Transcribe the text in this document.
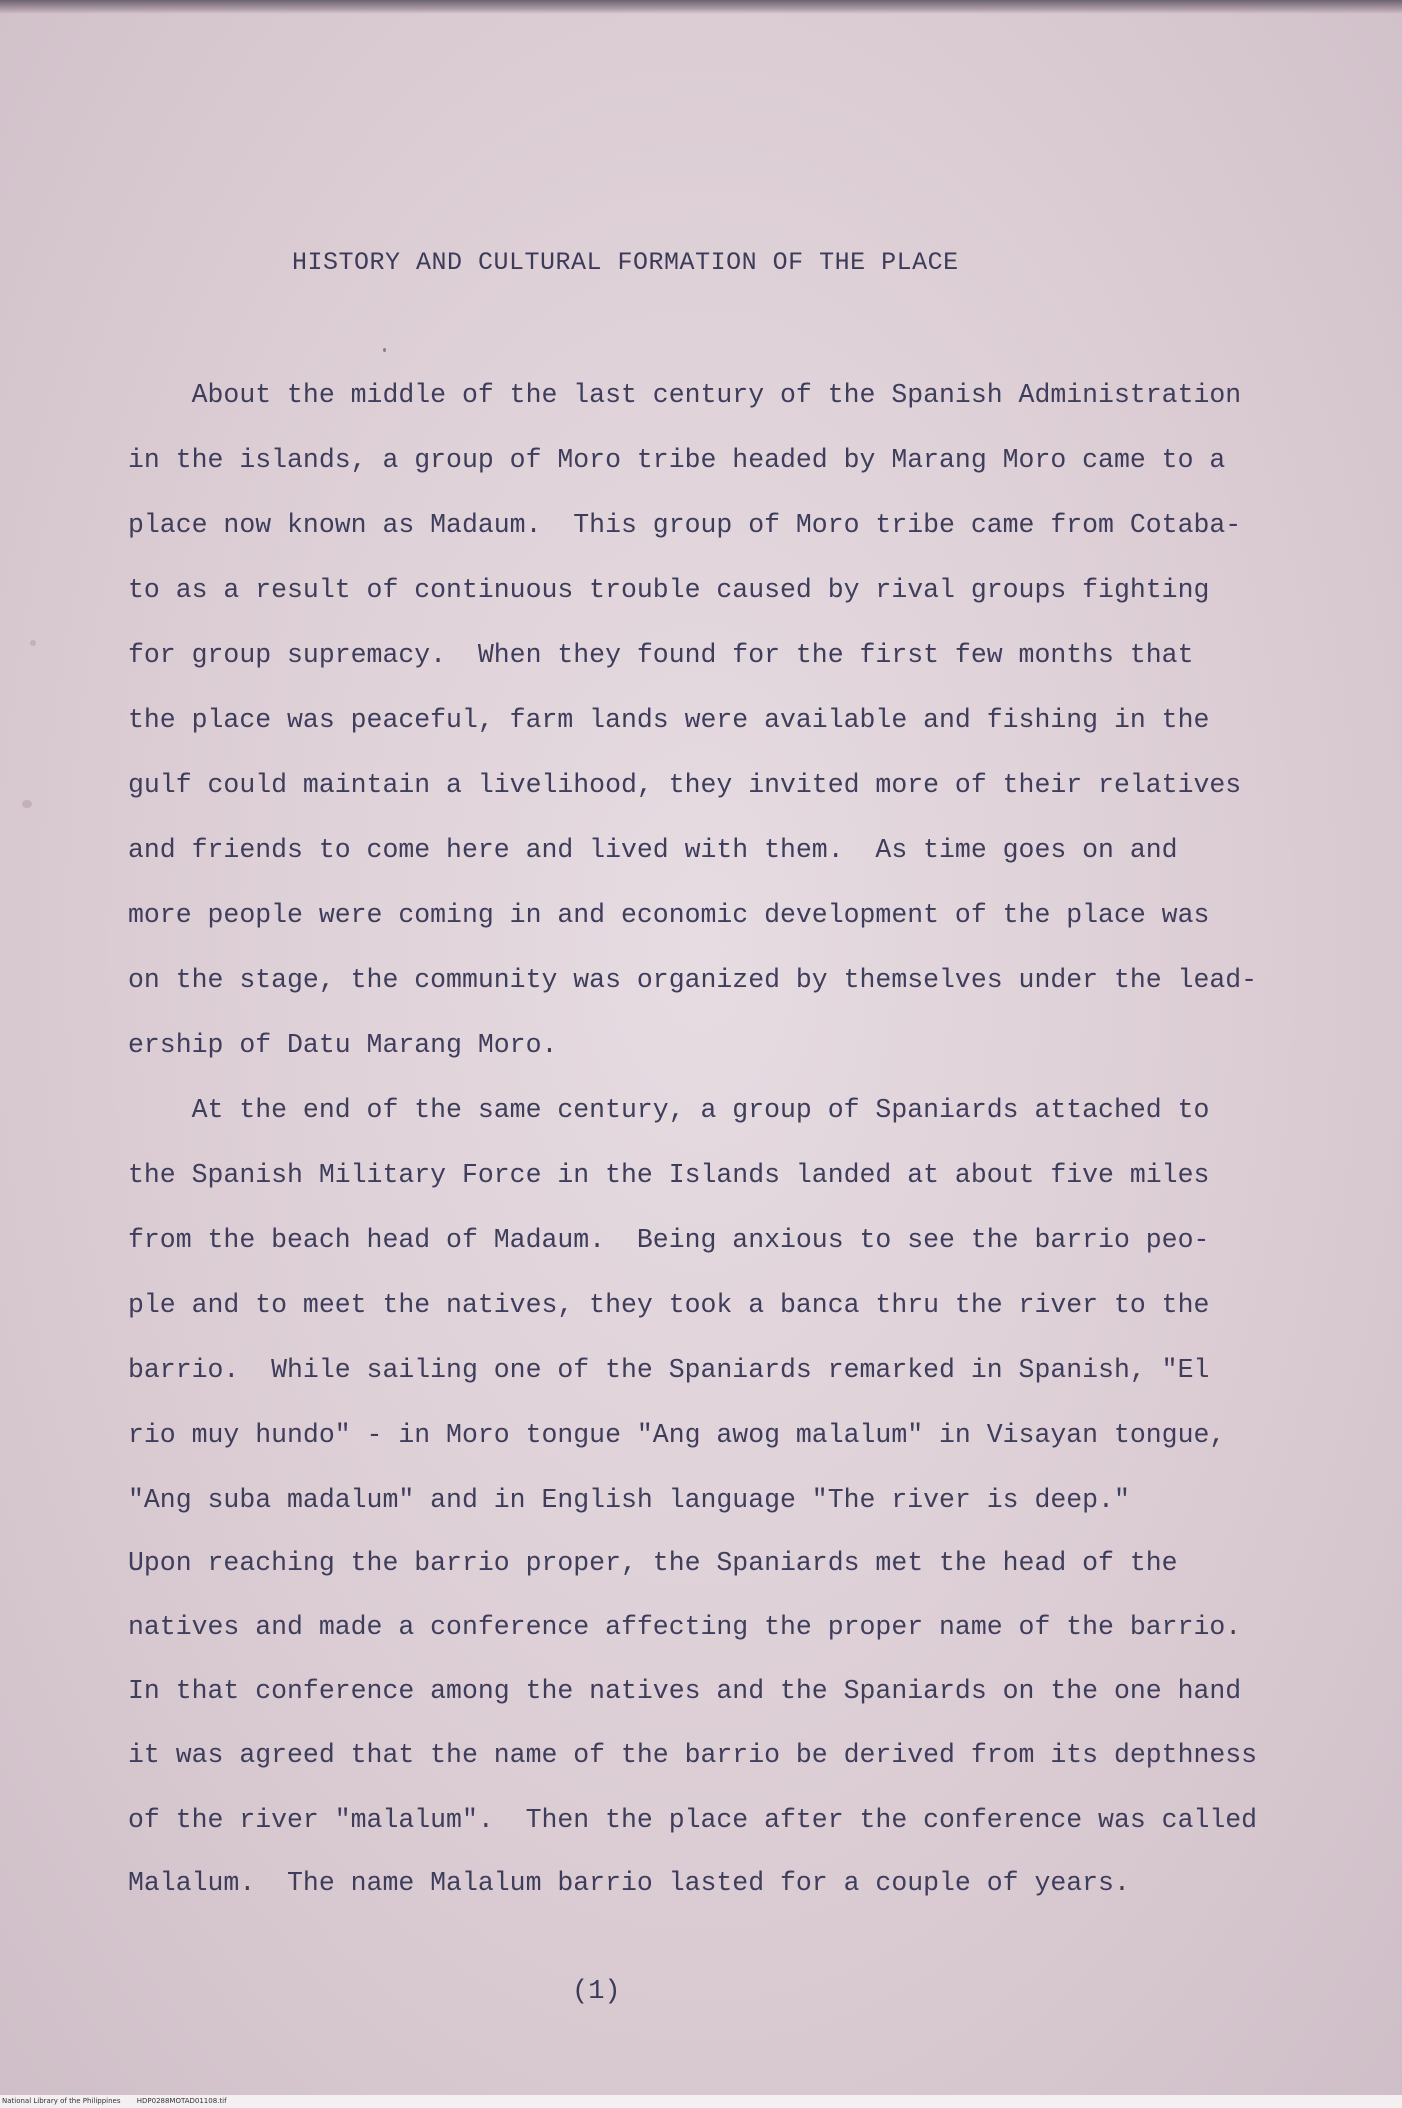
HISTORY AND CULTURAL FORMATION OF THE PLACE
About the middle of the last century of the Spanish Administration
in the islands, a group of Moro tribe headed by Marang Moro came to a
place now known as Madaum.  This group of Moro tribe came from Cotaba-
to as a result of continuous trouble caused by rival groups fighting
for group supremacy.  When they found for the first few months that
the place was peaceful, farm lands were available and fishing in the
gulf could maintain a livelihood, they invited more of their relatives
and friends to come here and lived with them.  As time goes on and
more people were coming in and economic development of the place was
on the stage, the community was organized by themselves under the lead-
ership of Datu Marang Moro.
At the end of the same century, a group of Spaniards attached to
the Spanish Military Force in the Islands landed at about five miles
from the beach head of Madaum.  Being anxious to see the barrio peo-
ple and to meet the natives, they took a banca thru the river to the
barrio.  While sailing one of the Spaniards remarked in Spanish, "El
rio muy hundo" - in Moro tongue "Ang awog malalum" in Visayan tongue,
"Ang suba madalum" and in English language "The river is deep."
Upon reaching the barrio proper, the Spaniards met the head of the
natives and made a conference affecting the proper name of the barrio.
In that conference among the natives and the Spaniards on the one hand
it was agreed that the name of the barrio be derived from its depthness
of the river "malalum".  Then the place after the conference was called
Malalum.  The name Malalum barrio lasted for a couple of years.
(1)
National Library of the Philippines HDP0288MOTAD01108.tif
